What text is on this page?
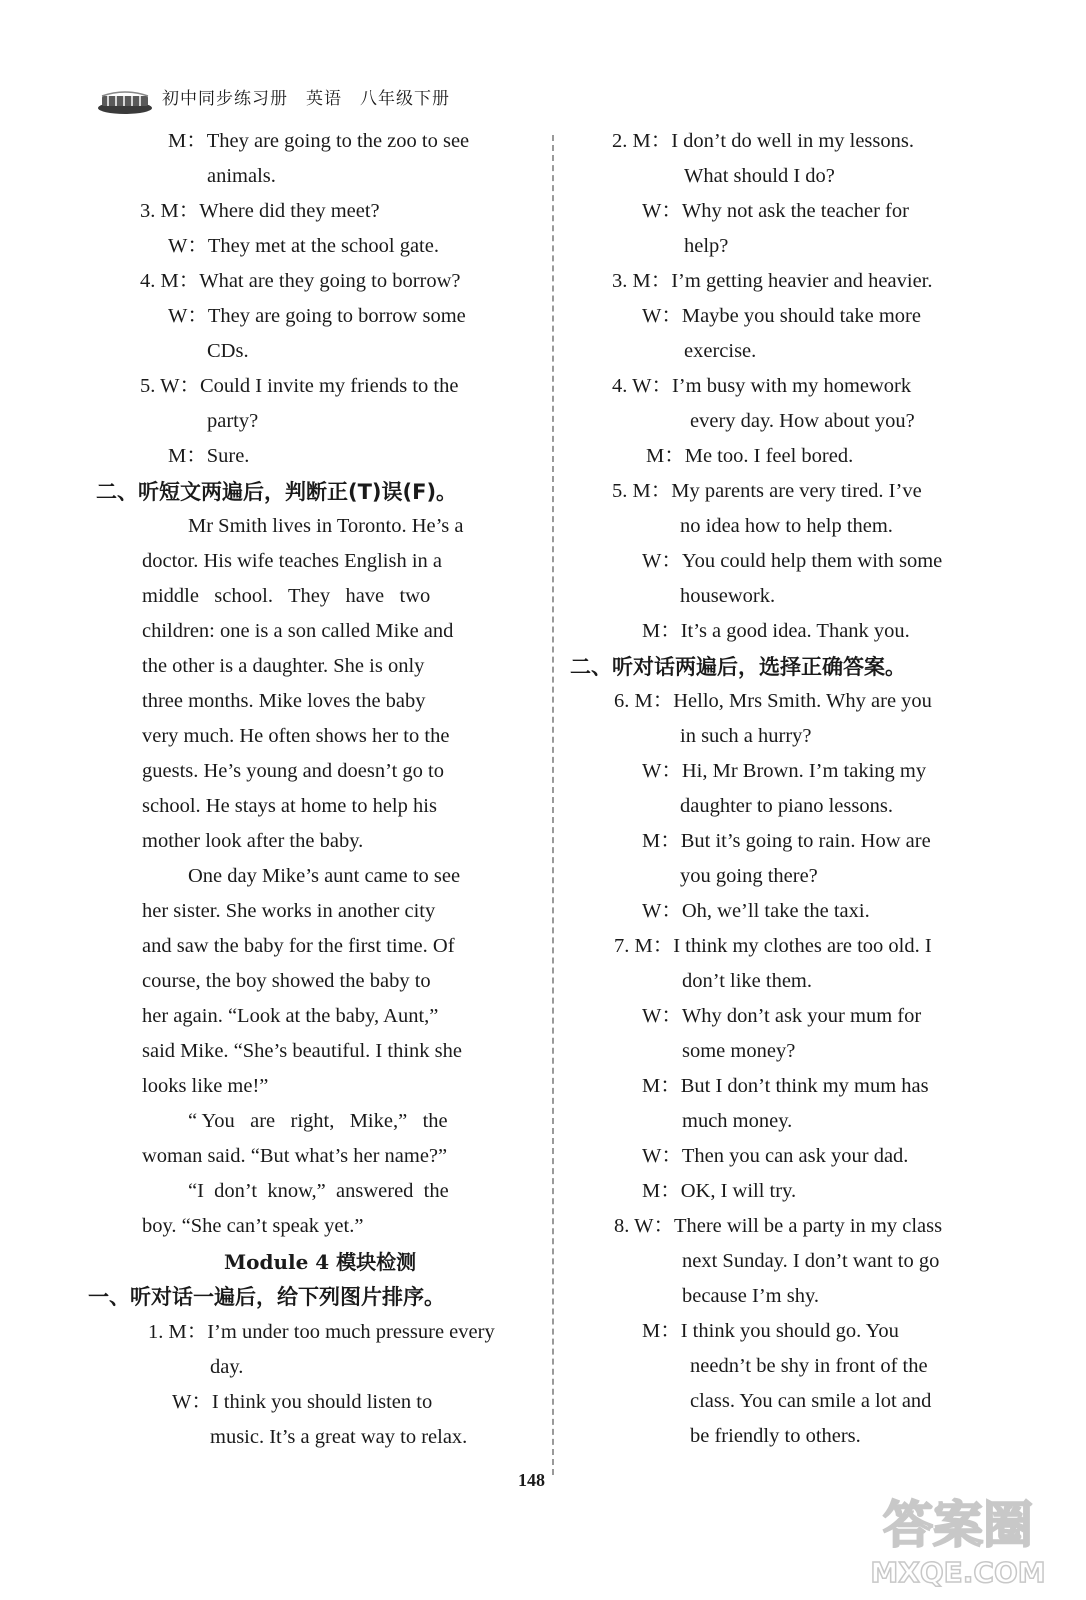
初中同步练习册　英语　八年级下册
M：They are going to the zoo to see
animals.
3. M：Where did they meet?
W：They met at the school gate.
4. M：What are they going to borrow?
W：They are going to borrow some
CDs.
5. W：Could I invite my friends to the
party?
M：Sure.
二、听短文两遍后，判断正(T)误(F)。
Mr Smith lives in Toronto. He’s a
doctor. His wife teaches English in a
middle   school.   They   have   two
children: one is a son called Mike and
the other is a daughter. She is only
three months. Mike loves the baby
very much. He often shows her to the
guests. He’s young and doesn’t go to
school. He stays at home to help his
mother look after the baby.
One day Mike’s aunt came to see
her sister. She works in another city
and saw the baby for the first time. Of
course, the boy showed the baby to
her again. “Look at the baby, Aunt,”
said Mike. “She’s beautiful. I think she
looks like me!”
“ You   are   right,   Mike,”   the
woman said. “But what’s her name?”
“I  don’t  know,”  answered  the
boy. “She can’t speak yet.”
Module 4 模块检测
一、听对话一遍后，给下列图片排序。
1. M：I’m under too much pressure every
day.
W：I think you should listen to
music. It’s a great way to relax.
2. M：I don’t do well in my lessons.
What should I do?
W：Why not ask the teacher for
help?
3. M：I’m getting heavier and heavier.
W：Maybe you should take more
exercise.
4. W：I’m busy with my homework
every day. How about you?
M：Me too. I feel bored.
5. M：My parents are very tired. I’ve
no idea how to help them.
W：You could help them with some
housework.
M：It’s a good idea. Thank you.
二、听对话两遍后，选择正确答案。
6. M：Hello, Mrs Smith. Why are you
in such a hurry?
W：Hi, Mr Brown. I’m taking my
daughter to piano lessons.
M：But it’s going to rain. How are
you going there?
W：Oh, we’ll take the taxi.
7. M：I think my clothes are too old. I
don’t like them.
W：Why don’t ask your mum for
some money?
M：But I don’t think my mum has
much money.
W：Then you can ask your dad.
M：OK, I will try.
8. W：There will be a party in my class
next Sunday. I don’t want to go
because I’m shy.
M：I think you should go. You
needn’t be shy in front of the
class. You can smile a lot and
be friendly to others.
148
答案圈
MXQE.COM
